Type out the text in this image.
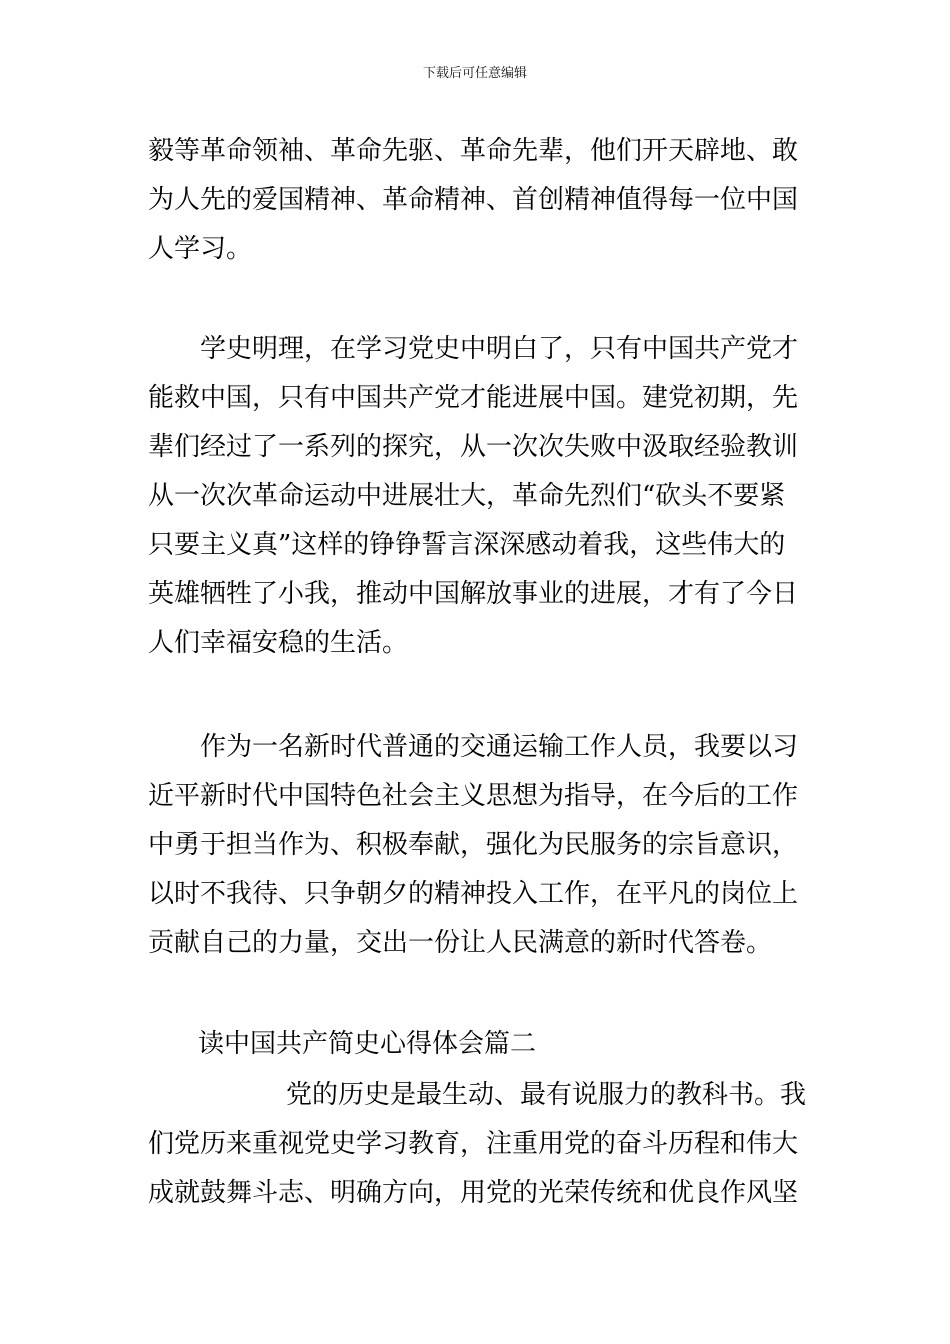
下载后可任意编辑
毅等革命领袖、革命先驱、革命先辈，他们开天辟地、敢
为人先的爱国精神、革命精神、首创精神值得每一位中国
人学习。
学史明理，在学习党史中明白了，只有中国共产党才
能救中国，只有中国共产党才能进展中国。建党初期，先
辈们经过了一系列的探究，从一次次失败中汲取经验教训
从一次次革命运动中进展壮大，革命先烈们“砍头不要紧
只要主义真”这样的铮铮誓言深深感动着我，这些伟大的
英雄牺牲了小我，推动中国解放事业的进展，才有了今日
人们幸福安稳的生活。
作为一名新时代普通的交通运输工作人员，我要以习
近平新时代中国特色社会主义思想为指导，在今后的工作
中勇于担当作为、积极奉献，强化为民服务的宗旨意识，
以时不我待、只争朝夕的精神投入工作，在平凡的岗位上
贡献自己的力量，交出一份让人民满意的新时代答卷。
读中国共产简史心得体会篇二
党的历史是最生动、最有说服力的教科书。我
们党历来重视党史学习教育，注重用党的奋斗历程和伟大
成就鼓舞斗志、明确方向，用党的光荣传统和优良作风坚
